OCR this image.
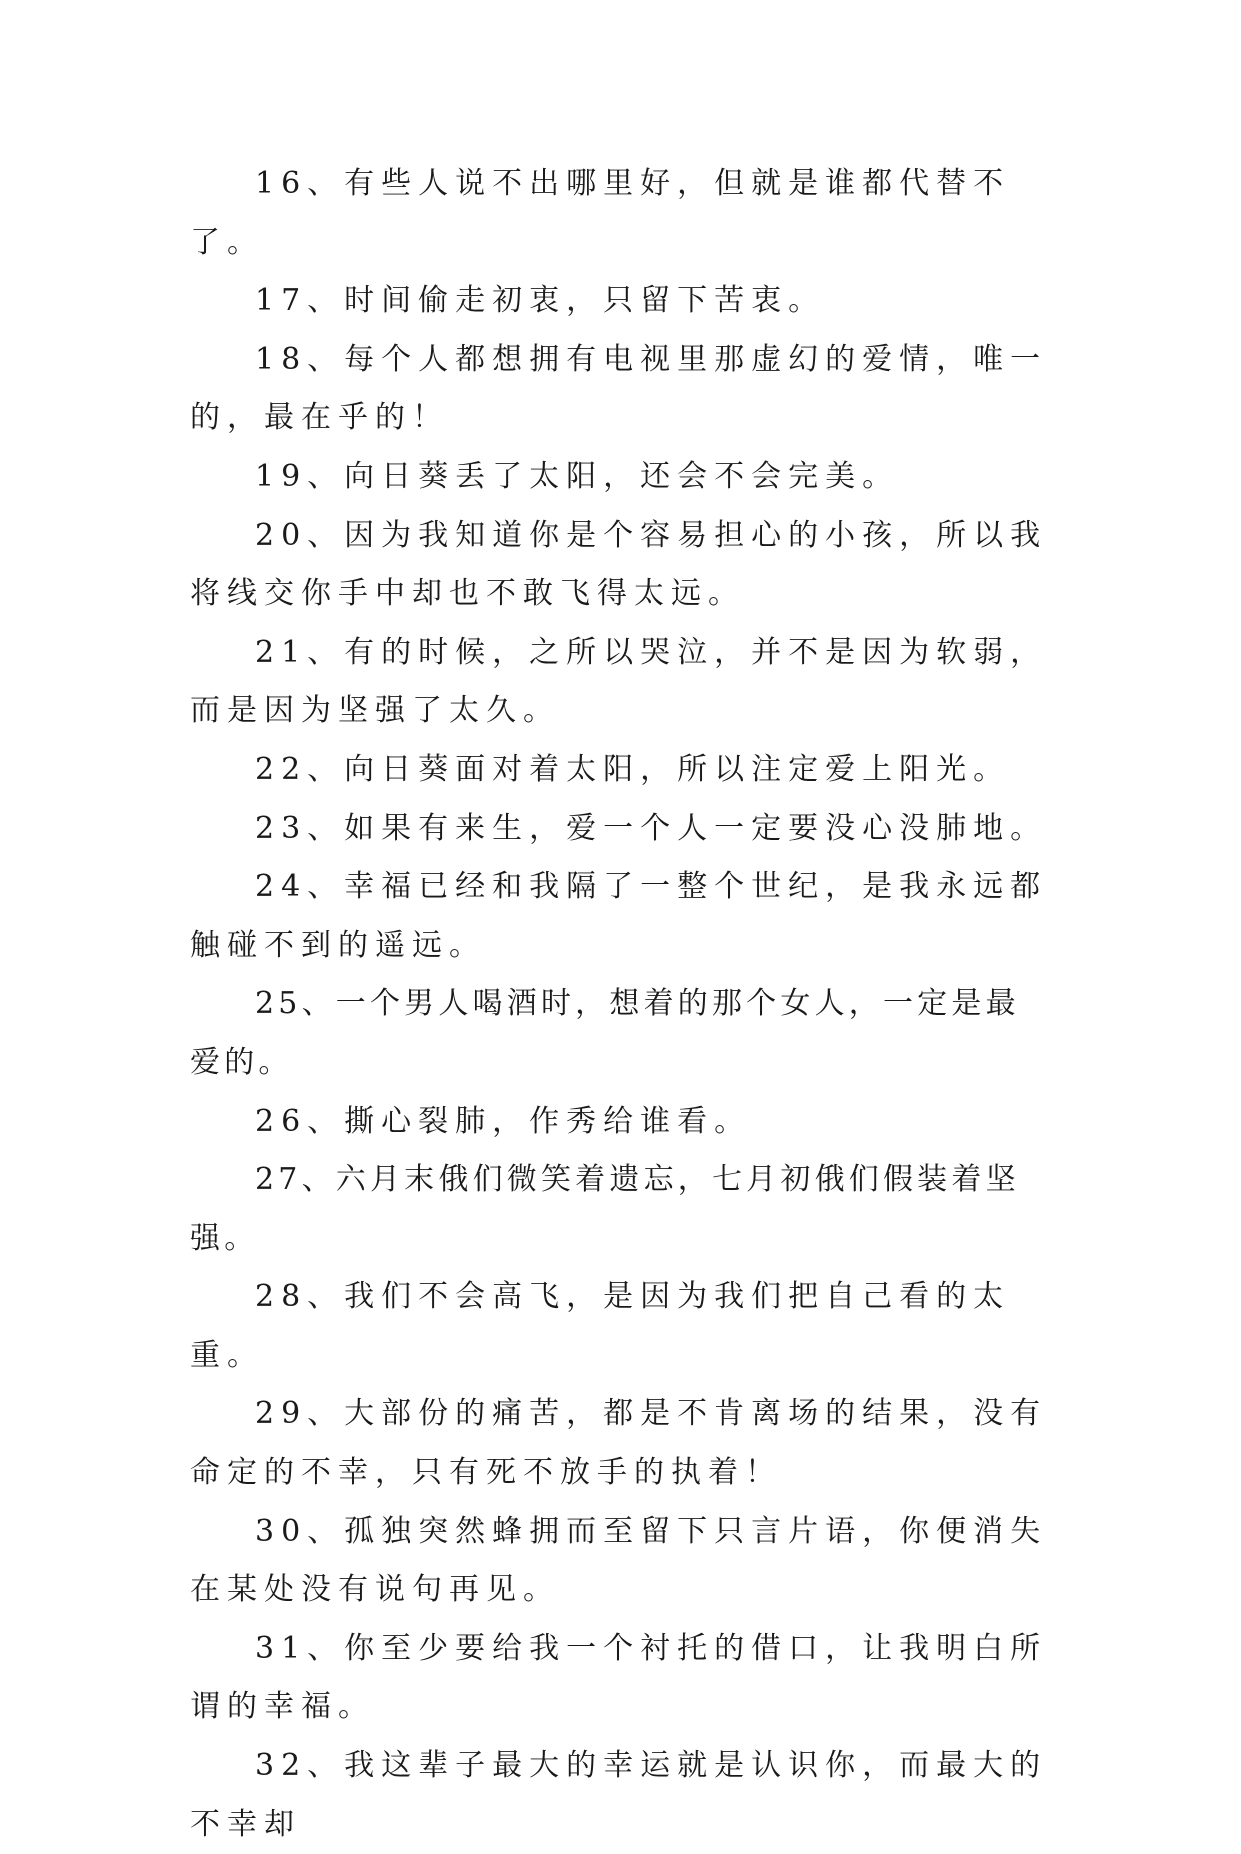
16、有些人说不出哪里好，但就是谁都代替不了。

17、时间偷走初衷，只留下苦衷。

18、每个人都想拥有电视里那虚幻的爱情，唯一的，最在乎的！

19、向日葵丢了太阳，还会不会完美。

20、因为我知道你是个容易担心的小孩，所以我将线交你手中却也不敢飞得太远。

21、有的时候，之所以哭泣，并不是因为软弱，而是因为坚强了太久。

22、向日葵面对着太阳，所以注定爱上阳光。

23、如果有来生，爱一个人一定要没心没肺地。

24、幸福已经和我隔了一整个世纪，是我永远都触碰不到的遥远。

25、一个男人喝酒时，想着的那个女人，一定是最爱的。

26、撕心裂肺，作秀给谁看。

27、六月末俄们微笑着遗忘，七月初俄们假装着坚强。

28、我们不会高飞，是因为我们把自己看的太重。

29、大部份的痛苦，都是不肯离场的结果，没有命定的不幸，只有死不放手的执着！

30、孤独突然蜂拥而至留下只言片语，你便消失在某处没有说句再见。

31、你至少要给我一个衬托的借口，让我明白所谓的幸福。

32、我这辈子最大的幸运就是认识你，而最大的不幸却
